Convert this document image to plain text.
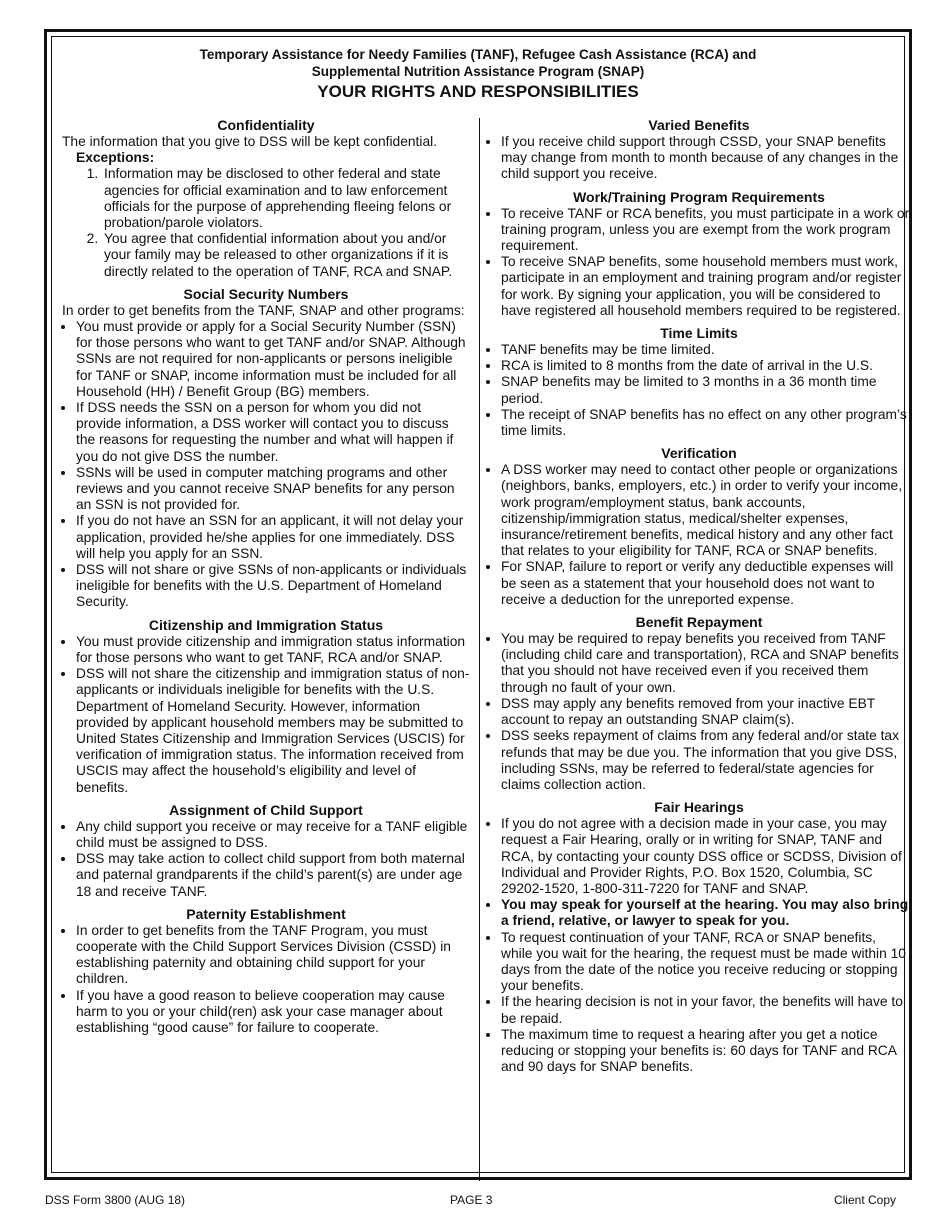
Temporary Assistance for Needy Families (TANF), Refugee Cash Assistance (RCA) and
Supplemental Nutrition Assistance Program (SNAP)
YOUR RIGHTS AND RESPONSIBILITIES
Confidentiality

The information that you give to DSS will be kept confidential.

Exceptions:

1. Information may be disclosed to other federal and state agencies for official examination and to law enforcement officials for the purpose of apprehending fleeing felons or probation/parole violators.
2. You agree that confidential information about you and/or your family may be released to other organizations if it is directly related to the operation of TANF, RCA and SNAP.
Social Security Numbers

In order to get benefits from the TANF, SNAP and other programs:

• You must provide or apply for a Social Security Number (SSN) for those persons who want to get TANF and/or SNAP. Although SSNs are not required for non-applicants or persons ineligible for TANF or SNAP, income information must be included for all Household (HH) / Benefit Group (BG) members.
• If DSS needs the SSN on a person for whom you did not provide information, a DSS worker will contact you to discuss the reasons for requesting the number and what will happen if you do not give DSS the number.
• SSNs will be used in computer matching programs and other reviews and you cannot receive SNAP benefits for any person an SSN is not provided for.
• If you do not have an SSN for an applicant, it will not delay your application, provided he/she applies for one immediately. DSS will help you apply for an SSN.
• DSS will not share or give SSNs of non-applicants or individuals ineligible for benefits with the U.S. Department of Homeland Security.
Citizenship and Immigration Status
• You must provide citizenship and immigration status information for those persons who want to get TANF, RCA and/or SNAP.
• DSS will not share the citizenship and immigration status of non-applicants or individuals ineligible for benefits with the U.S. Department of Homeland Security. However, information provided by applicant household members may be submitted to United States Citizenship and Immigration Services (USCIS) for verification of immigration status. The information received from USCIS may affect the household’s eligibility and level of benefits.
Assignment of Child Support
• Any child support you receive or may receive for a TANF eligible child must be assigned to DSS.
• DSS may take action to collect child support from both maternal and paternal grandparents if the child’s parent(s) are under age 18 and receive TANF.
Paternity Establishment
• In order to get benefits from the TANF Program, you must cooperate with the Child Support Services Division (CSSD) in establishing paternity and obtaining child support for your children.
• If you have a good reason to believe cooperation may cause harm to you or your child(ren) ask your case manager about establishing “good cause” for failure to cooperate.
Varied Benefits
• If you receive child support through CSSD, your SNAP benefits may change from month to month because of any changes in the child support you receive.
Work/Training Program Requirements
• To receive TANF or RCA benefits, you must participate in a work or training program, unless you are exempt from the work program requirement.
• To receive SNAP benefits, some household members must work, participate in an employment and training program and/or register for work. By signing your application, you will be considered to have registered all household members required to be registered.
Time Limits
• TANF benefits may be time limited.
• RCA is limited to 8 months from the date of arrival in the U.S.
• SNAP benefits may be limited to 3 months in a 36 month time period.
• The receipt of SNAP benefits has no effect on any other program’s time limits.
Verification
• A DSS worker may need to contact other people or organizations (neighbors, banks, employers, etc.) in order to verify your income, work program/employment status, bank accounts, citizenship/immigration status, medical/shelter expenses, insurance/retirement benefits, medical history and any other fact that relates to your eligibility for TANF, RCA or SNAP benefits.
• For SNAP, failure to report or verify any deductible expenses will be seen as a statement that your household does not want to receive a deduction for the unreported expense.
Benefit Repayment
• You may be required to repay benefits you received from TANF (including child care and transportation), RCA and SNAP benefits that you should not have received even if you received them through no fault of your own.
• DSS may apply any benefits removed from your inactive EBT account to repay an outstanding SNAP claim(s).
• DSS seeks repayment of claims from any federal and/or state tax refunds that may be due you. The information that you give DSS, including SSNs, may be referred to federal/state agencies for claims collection action.
Fair Hearings
• If you do not agree with a decision made in your case, you may request a Fair Hearing, orally or in writing for SNAP, TANF and RCA, by contacting your county DSS office or SCDSS, Division of Individual and Provider Rights, P.O. Box 1520, Columbia, SC 29202-1520, 1-800-311-7220 for TANF and SNAP.
• You may speak for yourself at the hearing. You may also bring a friend, relative, or lawyer to speak for you.
• To request continuation of your TANF, RCA or SNAP benefits, while you wait for the hearing, the request must be made within 10 days from the date of the notice you receive reducing or stopping your benefits.
• If the hearing decision is not in your favor, the benefits will have to be repaid.
• The maximum time to request a hearing after you get a notice reducing or stopping your benefits is: 60 days for TANF and RCA and 90 days for SNAP benefits.
DSS Form 3800 (AUG 18)	PAGE 3	Client Copy
